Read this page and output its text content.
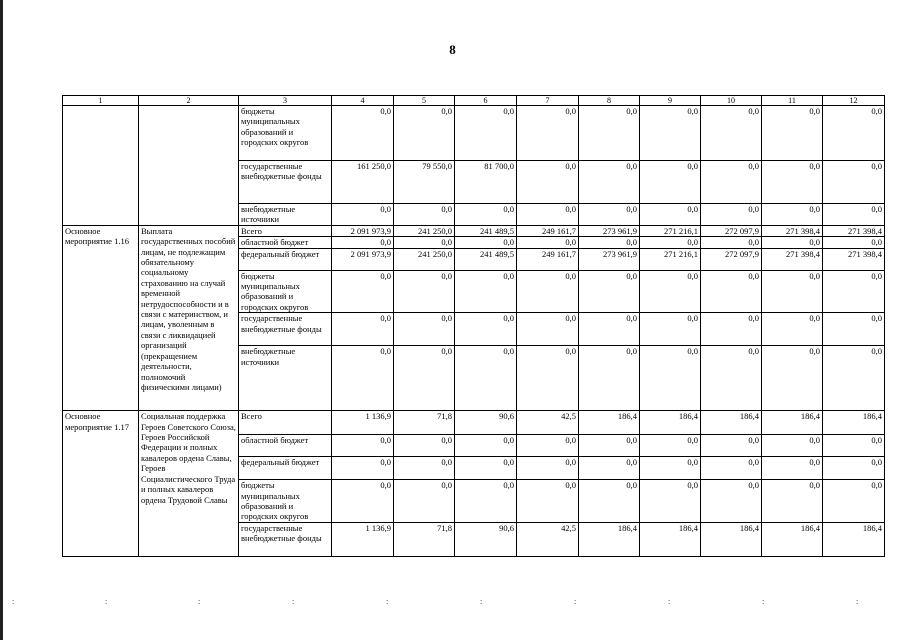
8
1	2	3	4	5	6	7	8	9	10	11	12
		бюджеты муниципальных образований и городских округов	0,0	0,0	0,0	0,0	0,0	0,0	0,0	0,0	0,0
		государственные внебюджетные фонды	161 250,0	79 550,0	81 700,0	0,0	0,0	0,0	0,0	0,0	0,0
		внебюджетные источники	0,0	0,0	0,0	0,0	0,0	0,0	0,0	0,0	0,0
Основное мероприятие 1.16	Выплата государственных пособий лицам, не подлежащим обязательному социальному страхованию на случай временной нетрудоспособности и в связи с материнством, и лицам, уволенным в связи с ликвидацией организаций (прекращением деятельности, полномочий физическими лицами)	Всего	2 091 973,9	241 250,0	241 489,5	249 161,7	273 961,9	271 216,1	272 097,9	271 398,4	271 398,4
		областной бюджет	0,0	0,0	0,0	0,0	0,0	0,0	0,0	0,0	0,0
		федеральный бюджет	2 091 973,9	241 250,0	241 489,5	249 161,7	273 961,9	271 216,1	272 097,9	271 398,4	271 398,4
		бюджеты муниципальных образований и городских округов	0,0	0,0	0,0	0,0	0,0	0,0	0,0	0,0	0,0
		государственные внебюджетные фонды	0,0	0,0	0,0	0,0	0,0	0,0	0,0	0,0	0,0
		внебюджетные источники	0,0	0,0	0,0	0,0	0,0	0,0	0,0	0,0	0,0
Основное мероприятие 1.17	Социальная поддержка Героев Советского Союза, Героев Российской Федерации и полных кавалеров ордена Славы, Героев Социалистического Труда и полных кавалеров ордена Трудовой Славы	Всего	1 136,9	71,8	90,6	42,5	186,4	186,4	186,4	186,4	186,4
		областной бюджет	0,0	0,0	0,0	0,0	0,0	0,0	0,0	0,0	0,0
		федеральный бюджет	0,0	0,0	0,0	0,0	0,0	0,0	0,0	0,0	0,0
		бюджеты муниципальных образований и городских округов	0,0	0,0	0,0	0,0	0,0	0,0	0,0	0,0	0,0
		государственные внебюджетные фонды	1 136,9	71,8	90,6	42,5	186,4	186,4	186,4	186,4	186,4
:	:	:	:	:	:	:	:	:	:
